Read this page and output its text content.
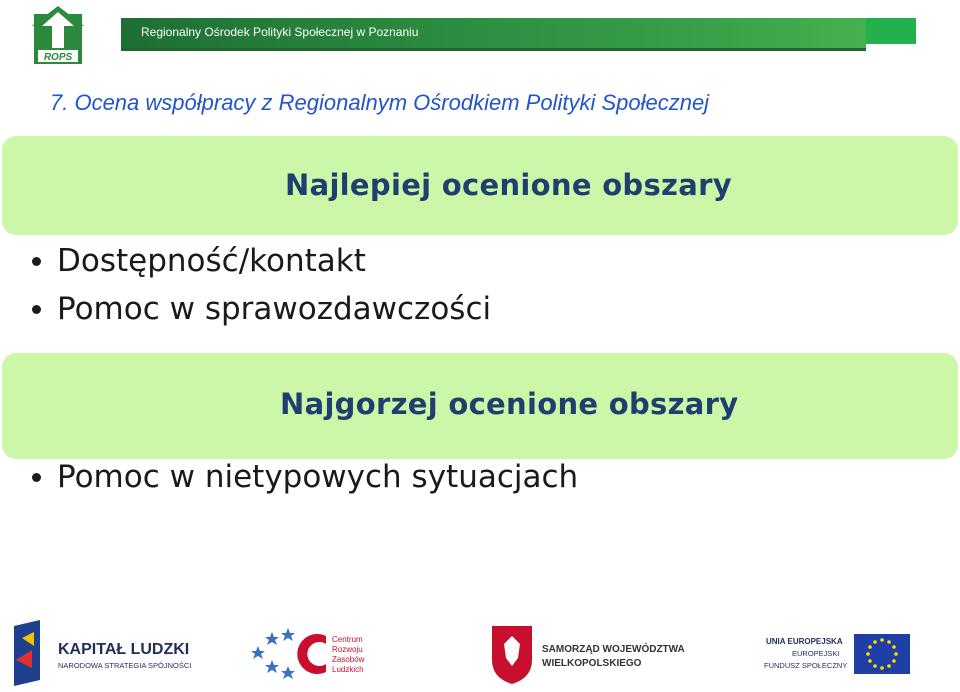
ROPS
Regionalny Ośrodek Polityki Społecznej w Poznaniu
7. Ocena współpracy z Regionalnym Ośrodkiem Polityki Społecznej
Najlepiej ocenione obszary
Dostępność/kontakt
Pomoc w sprawozdawczości
Najgorzej ocenione obszary
Pomoc w nietypowych sytuacjach
KAPITAŁ LUDZKI
NARODOWA STRATEGIA SPÓJNOŚCI
Centrum
Rozwoju
Zasobów
Ludzkich
SAMORZĄD WOJEWÓDZTWA
WIELKOPOLSKIEGO
UNIA EUROPEJSKA
EUROPEJSKI
FUNDUSZ SPOŁECZNY
